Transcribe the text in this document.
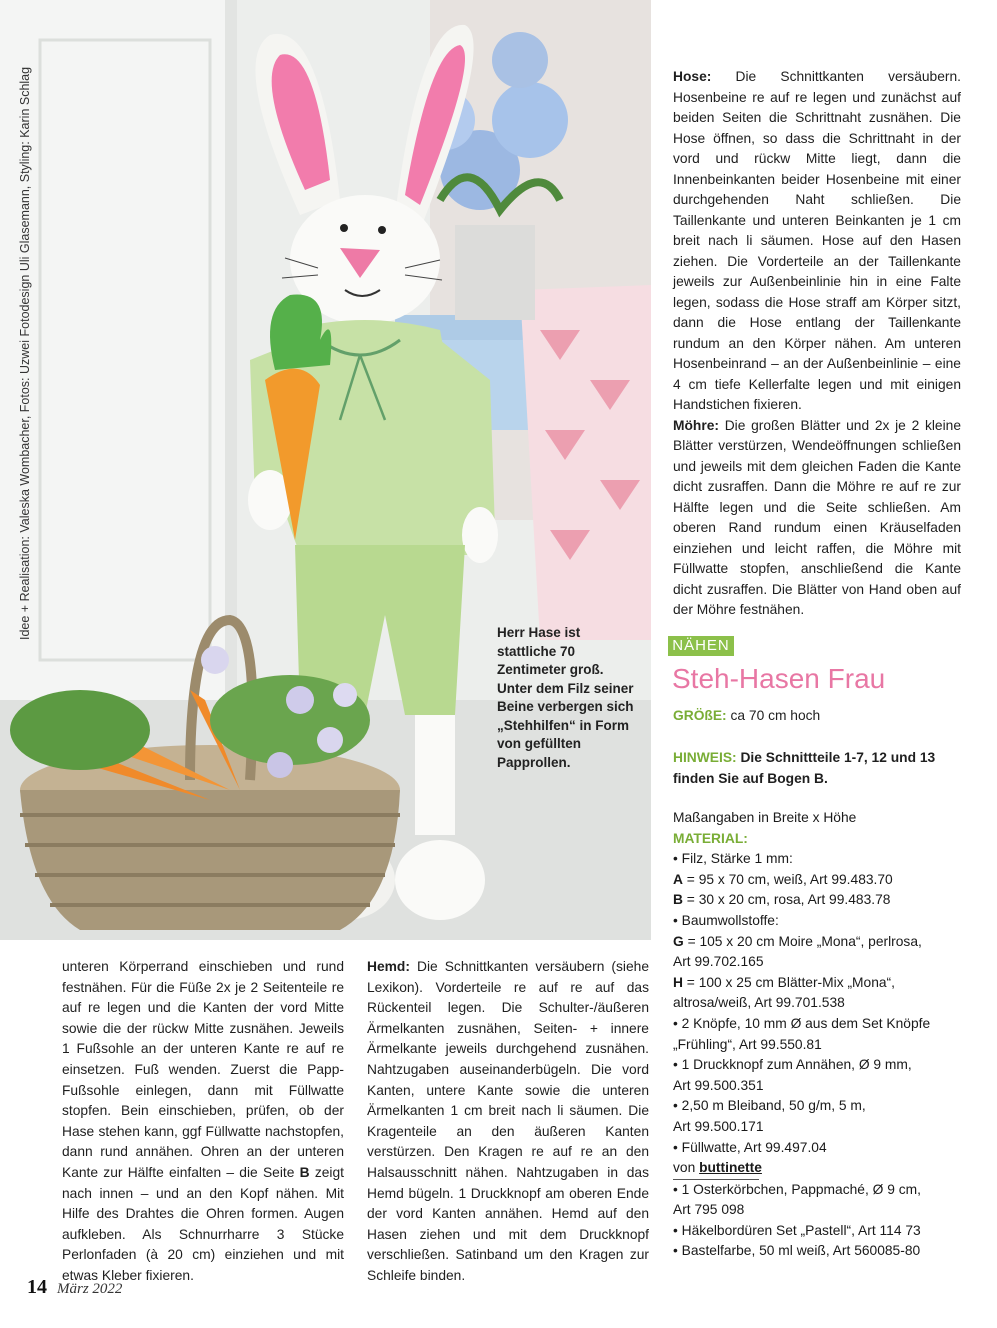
Idee + Realisation: Valeska Wombacher, Fotos: Uzwei Fotodesign Uli Glasemann, Styling: Karin Schlag	Herr Hase ist stattliche 70 Zentimeter groß. Unter dem Filz seiner Beine verbergen sich „Stehhilfen“ in Form von gefüllten Papprollen.

Hose: Die Schnittkanten versäubern. Hosenbeine re auf re legen und zunächst auf beiden Seiten die Schrittnaht zusnähen. Die Hose öffnen, so dass die Schrittnaht in der vord und rückw Mitte liegt, dann die Innenbeinkanten beider Hosenbeine mit einer durchgehenden Naht schließen. Die Taillenkante und unteren Beinkanten je 1 cm breit nach li säumen. Hose auf den Hasen ziehen. Die Vorderteile an der Taillenkante jeweils zur Außenbeinlinie hin in eine Falte legen, sodass die Hose straff am Körper sitzt, dann die Hose entlang der Taillenkante rundum an den Körper nähen. Am unteren Hosenbeinrand – an der Außenbeinlinie – eine 4 cm tiefe Kellerfalte legen und mit einigen Handstichen fixieren.

Möhre: Die großen Blätter und 2x je 2 kleine Blätter verstürzen, Wendeöffnungen schließen und jeweils mit dem gleichen Faden die Kante dicht zusraffen. Dann die Möhre re auf re zur Hälfte legen und die Seite schließen. Am oberen Rand rundum einen Kräuselfaden einziehen und leicht raffen, die Möhre mit Füllwatte stopfen, anschließend die Kante dicht zusraffen. Die Blätter von Hand oben auf der Möhre festnähen.

NÄHEN
Steh-Hasen Frau
GRÖßE: ca 70 cm hoch
HINWEIS: Die Schnittteile 1-7, 12 und 13 finden Sie auf Bogen B.
Maßangaben in Breite x Höhe
MATERIAL:
• Filz, Stärke 1 mm:
A = 95 x 70 cm, weiß, Art 99.483.70
B = 30 x 20 cm, rosa, Art 99.483.78
• Baumwollstoffe:
G = 105 x 20 cm Moire „Mona“, perlrosa,
Art 99.702.165
H = 100 x 25 cm Blätter-Mix „Mona“,
altrosa/weiß, Art 99.701.538
• 2 Knöpfe, 10 mm Ø aus dem Set Knöpfe
„Frühling“, Art 99.550.81
• 1 Druckknopf zum Annähen, Ø 9 mm,
Art 99.500.351
• 2,50 m Bleiband, 50 g/m, 5 m,
Art 99.500.171
• Füllwatte, Art 99.497.04
von buttinette
• 1 Osterkörbchen, Pappmaché, Ø 9 cm,
Art 795 098
• Häkelbordüren Set „Pastell“, Art 114 73
• Bastelfarbe, 50 ml weiß, Art 560085-80
unteren Körperrand einschieben und rund festnähen. Für die Füße 2x je 2 Seitenteile re auf re legen und die Kanten der vord Mitte sowie die der rückw Mitte zusnähen. Jeweils 1 Fußsohle an der unteren Kante re auf re einsetzen. Fuß wenden. Zuerst die Papp-Fußsohle einlegen, dann mit Füllwatte stopfen. Bein einschieben, prüfen, ob der Hase stehen kann, ggf Füllwatte nachstopfen, dann rund annähen. Ohren an der unteren Kante zur Hälfte einfalten – die Seite B zeigt nach innen – und an den Kopf nähen. Mit Hilfe des Drahtes die Ohren formen. Augen aufkleben. Als Schnurrharre 3 Stücke Perlonfaden (à 20 cm) einziehen und mit etwas Kleber fixieren.
Hemd: Die Schnittkanten versäubern (siehe Lexikon). Vorderteile re auf re auf das Rückenteil legen. Die Schulter-/äußeren Ärmelkanten zusnähen, Seiten- + innere Ärmelkante jeweils durchgehend zusnähen. Nahtzugaben auseinanderbügeln. Die vord Kanten, untere Kante sowie die unteren Ärmelkanten 1 cm breit nach li säumen. Die Kragenteile an den äußeren Kanten verstürzen. Den Kragen re auf re an den Halsausschnitt nähen. Nahtzugaben in das Hemd bügeln. 1 Druckknopf am oberen Ende der vord Kanten annähen. Hemd auf den Hasen ziehen und mit dem Druckknopf verschließen. Satinband um den Kragen zur Schleife binden.
14 März 2022
